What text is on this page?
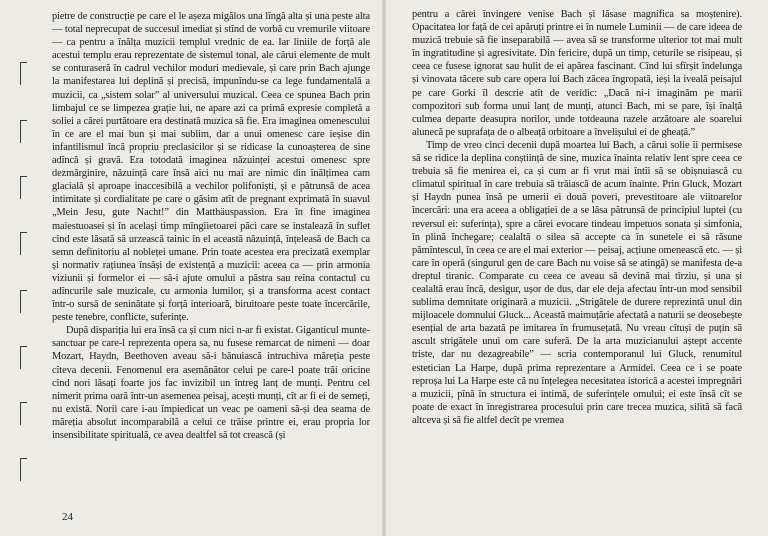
pietre de construcție pe care el le așeza migălos una lîngă alta și una peste alta — total neprecupat de succesul imediat și stînd de vorbă cu vremurile viitoare — ca pentru a înălța muzicii templul vrednic de ea. Iar liniile de forță ale acestui templu erau reprezentate de sistemul tonal, ale cărui elemente de mult se conturaseră în cadrul vechilor moduri medievale, și care prin Bach ajunge la manifestarea lui deplină și precisă, impunîndu-se ca lege fundamentală a muzicii, ca „sistem solar” al universului muzical. Ceea ce spunea Bach prin limbajul ce se limpezea grație lui, ne apare azi ca primă expresie completă a soliei a cărei purtătoare era destinată muzica să fie. Era imaginea omenescului în ce are el mai bun și mai sublim, dar a unui omenesc care ieșise din infantilismul încă propriu preclasicilor și se ridicase la cunoașterea de sine adîncă și gravă. Era totodată imaginea năzuinței acestui omenesc spre dezmărginire, năzuință care însă aici nu mai are nimic din înălțimea cam glacială și aproape inaccesibilă a vechilor polifoniști, și e pătrunsă de acea intimitate și cordialitate pe care o găsim atît de pregnant exprimată în suavul „Mein Jesu, gute Nacht!” din Matthäuspassion. Era în fine imaginea maiestuoasei și în același timp mîngîietoarei păci care se instalează în suflet cînd este lăsată să urzească tainic în el această năzuință, înțeleasă de Bach ca semn definitoriu al nobleței umane. Prin toate acestea era precizată exemplar și normativ rațiunea însăși de existență a muzicii: aceea ca — prin armonia viziunii și formelor ei — să-i ajute omului a păstra sau reîna contactul cu adîncurile sale muzicale, cu armonia lumilor, și a transforma acest contact într-o sursă de seninătate și forță interioară, biruitoare peste toate încercările, peste tenebre, conflicte, suferințe.

După dispariția lui era însă ca și cum nici n-ar fi existat. Giganticul munte-sanctuar pe care-l reprezenta opera sa, nu fusese remarcat de nimeni — doar Mozart, Haydn, Beethoven aveau să-i bănuiască intruchiva măreția peste cîteva decenii. Fenomenul era asemănător celui pe care-l poate trăi oricine cînd nori lăsați foarte jos fac invizibil un întreg lanț de munți. Pentru cel nimerit prima oară într-un asemenea peisaj, acești munți, cît ar fi ei de semeți, nu există. Norii care i-au împiedicat un veac pe oameni să-și dea seama de măreția absolut incomparabilă a celui ce trăise printre ei, erau propria lor insensibilitate spirituală, ce avea dealtfel să tot crească (și

24

pentru a cărei învingere venise Bach și lăsase magnifica sa moștenire). Opacitatea lor față de cei apăruți printre ei în numele Luminii — de care ideea de muzică trebuie să fie inseparabilă — avea să se transforme ulterior tot mai mult în ingratitudine și agresivitate. Din fericire, după un timp, ceturile se risipeau, și ceea ce fusese ignorat sau hulit de ei apărea fascinant. Cînd lui sfîrșit îndelunga și vinovata tăcere sub care opera lui Bach zăcea îngropată, ieși la iveală peisajul pe care Gorki îl descrie atît de veridic: „Dacă ni-i imaginăm pe marii compozitori sub forma unui lanț de munți, atunci Bach, mi se pare, își înalță culmea departe deasupra norilor, unde totdeauna razele arzătoare ale soarelui alunecă pe suprafața de o albeață orbitoare a învelișului ei de gheață.”

Timp de vreo cinci decenii după moartea lui Bach, a cărui solie îi permisese să se ridice la deplina conștiință de sine, muzica înainta relativ lent spre ceea ce trebuia să fie menirea ei, ca și cum ar fi vrut mai întîi să se obișnuiască cu climatul spiritual în care trebuia să trăiască de acum înainte. Prin Gluck, Mozart și Haydn punea însă pe umerii ei două poveri, prevestitoare ale viitoarelor încercări: una era aceea a obligației de a se lăsa pătrunsă de principiul luptei (cu reversul ei: suferința), spre a cărei evocare tindeau impetuos sonata și simfonia, în plină închegare; cealaltă o silea să accepte ca în sunetele ei să răsune pămîntescul, în ceea ce are el mai exterior — peisaj, acțiune omenească etc. — și care în operă (singurul gen de care Bach nu voise să se atingă) se manifesta de-a dreptul tiranic. Comparate cu ceea ce aveau să devină mai tîrziu, și una și cealaltă erau încă, desigur, ușor de dus, dar ele deja afectau într-un mod sensibil sublima demnitate originară a muzicii. „Strigătele de durere reprezintă unul din mijloacele domnului Gluck... Această maimuțărie afectată a naturii se deosebește esențial de arta bazată pe imitarea în frumusețată. Nu vreau cîtuși de puțin să ascult strigătele unui om care suferă. De la arta muzicianului aștept accente triste, dar nu dezagreabile” — scria contemporanul lui Gluck, renumitul esteticiаn La Harpe, după prima reprezentare a Armidei. Ceea ce i se poate reproșa lui La Harpe este că nu înțelegea necesitatea istorică a acestei impregnări a muzicii, pînă în structura ei intimă, de suferințele omului; ei este însă cît se poate de exact în înregistrarea procesului prin care trecea muzica, silită să facă altceva și să fie altfel decît pe vremea
